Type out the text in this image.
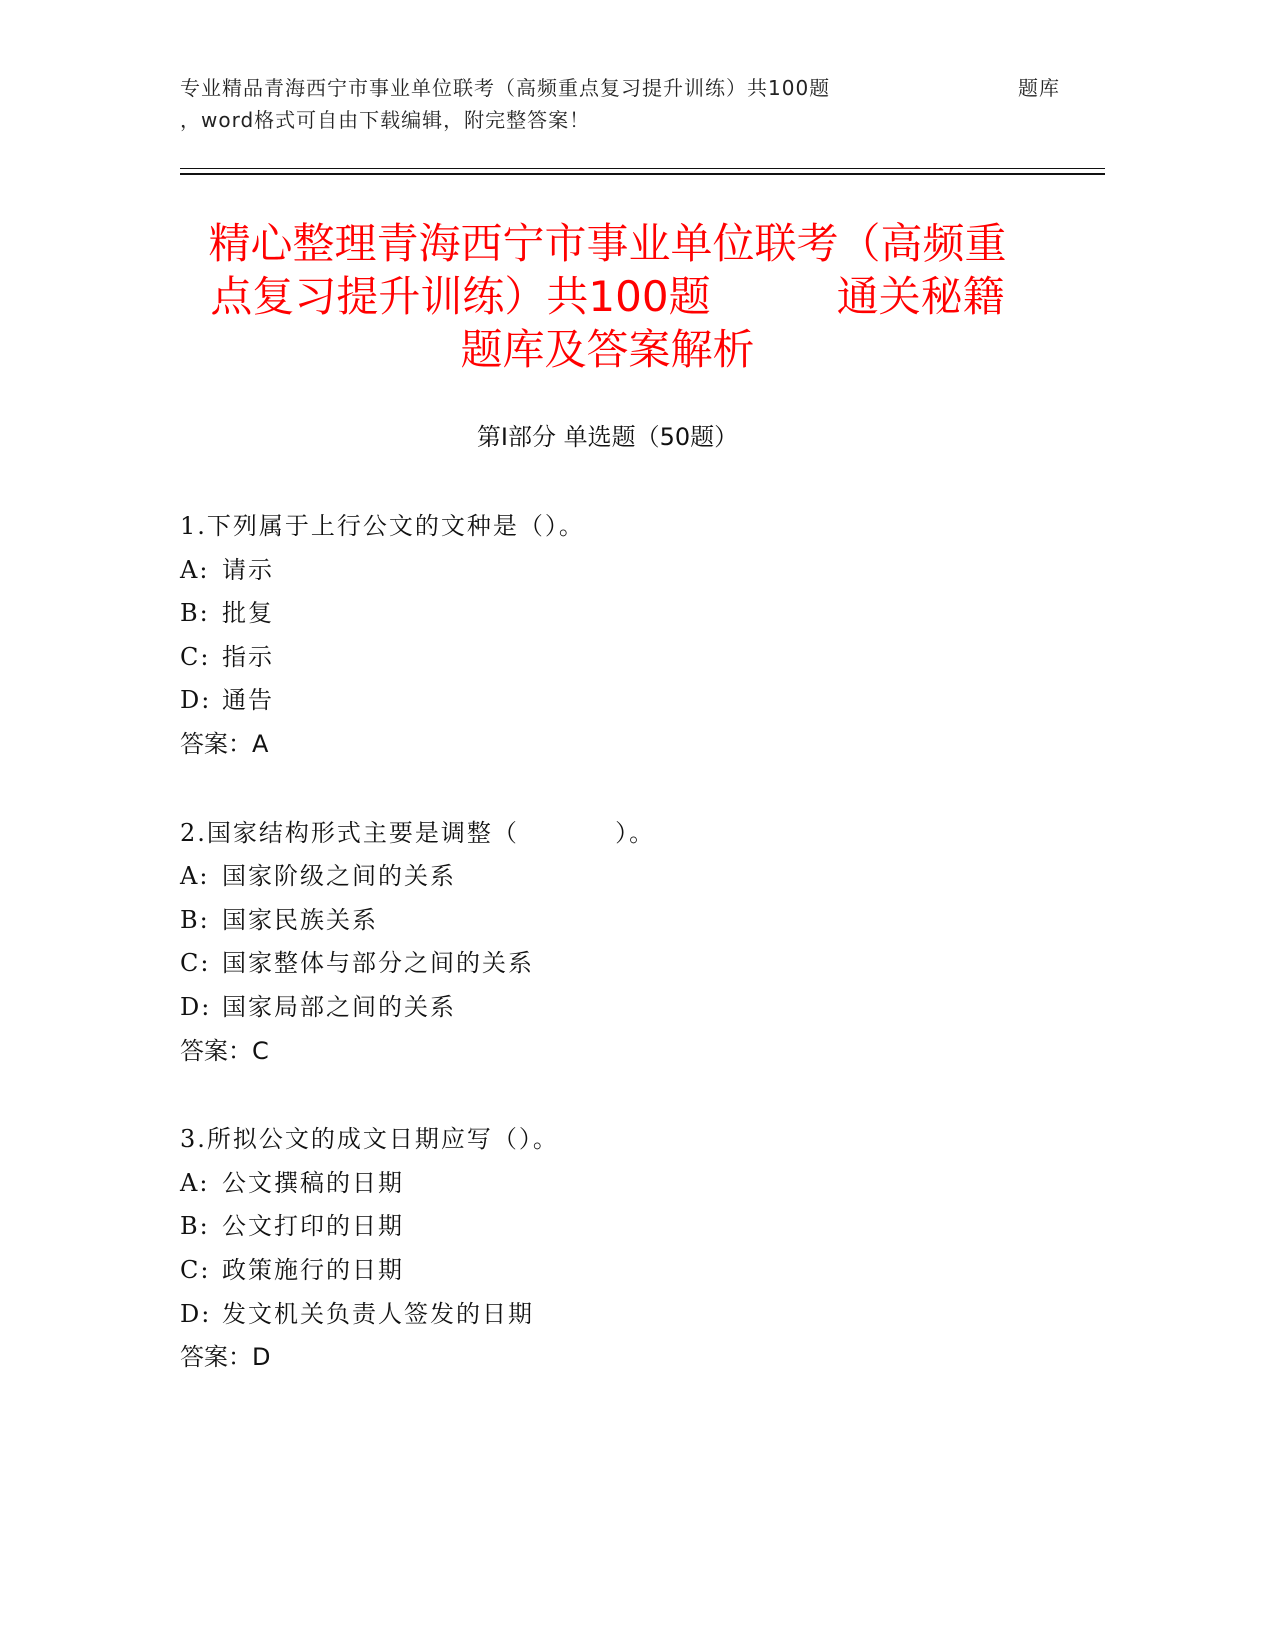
专业精品青海西宁市事业单位联考（高频重点复习提升训练）共100题	题库
，word格式可自由下载编辑，附完整答案！
精心整理青海西宁市事业单位联考（高频重
点复习提升训练）共100题　　　通关秘籍
题库及答案解析
第Ⅰ部分 单选题（50题）
1.下列属于上行公文的文种是（）。
A: 请示
B: 批复
C: 指示
D: 通告
答案：A
2.国家结构形式主要是调整（          ）。
A: 国家阶级之间的关系
B: 国家民族关系
C: 国家整体与部分之间的关系
D: 国家局部之间的关系
答案：C
3.所拟公文的成文日期应写（）。
A: 公文撰稿的日期
B: 公文打印的日期
C: 政策施行的日期
D: 发文机关负责人签发的日期
答案：D
